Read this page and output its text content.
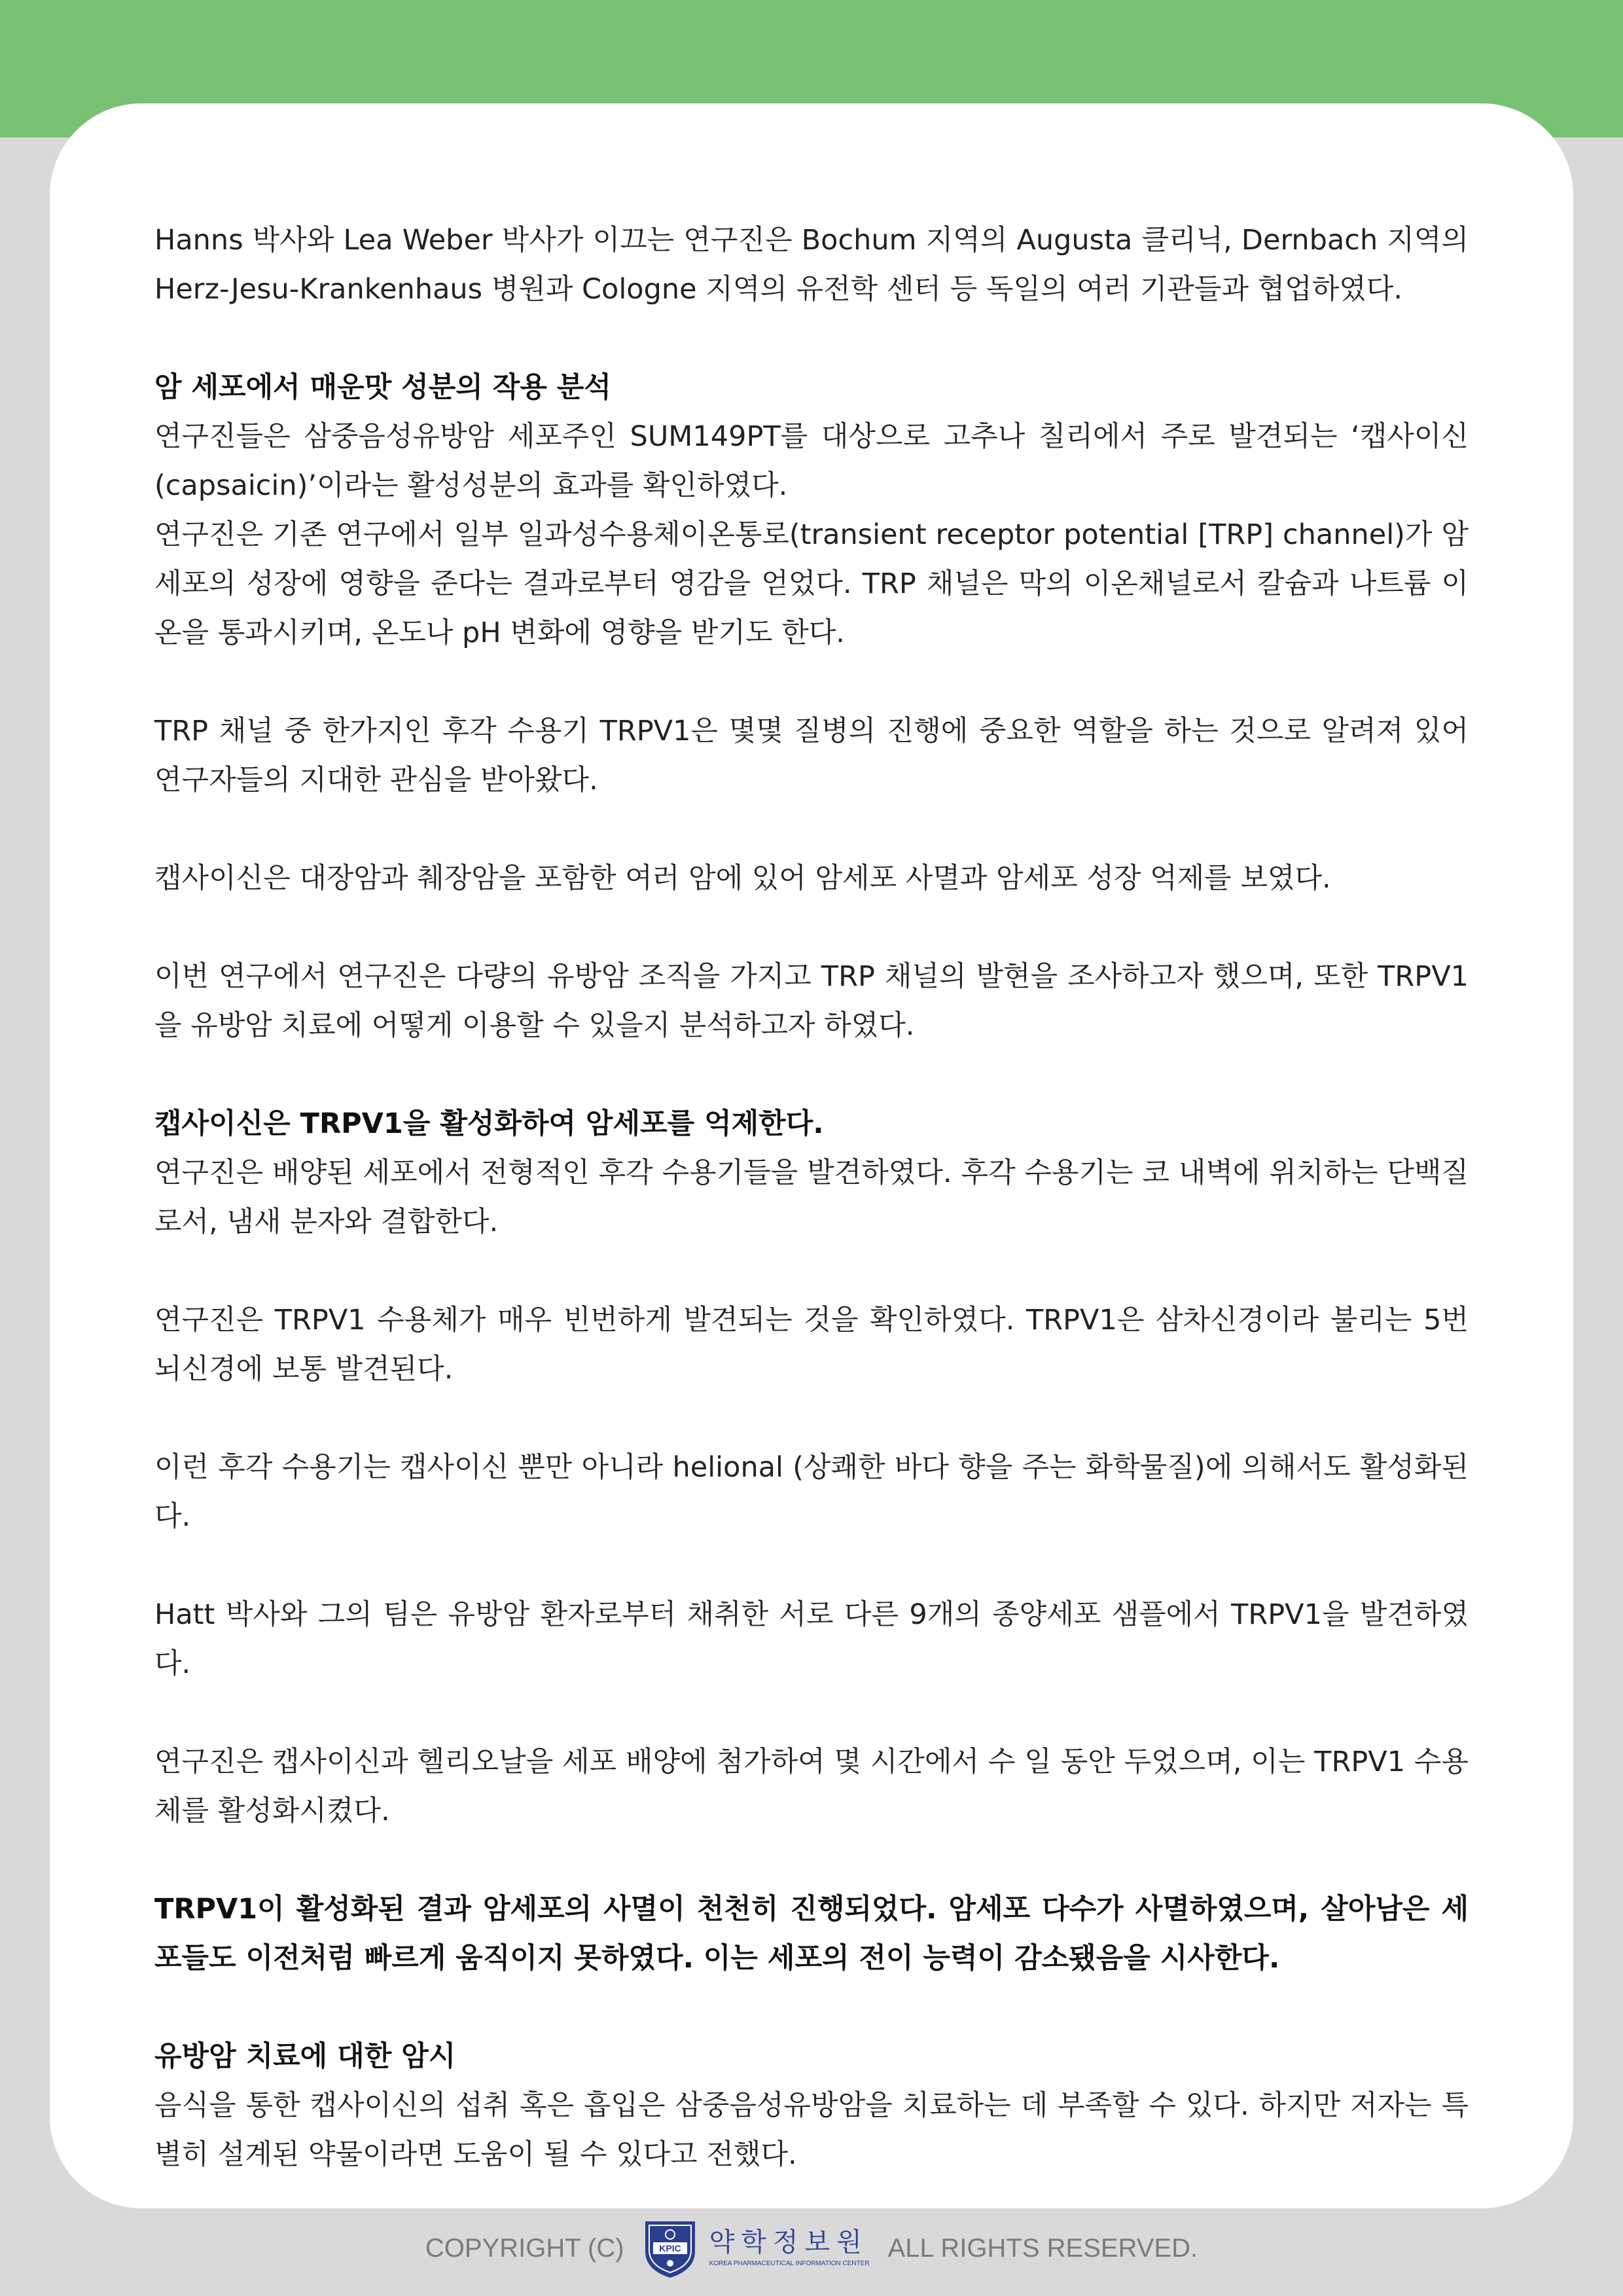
Hanns 박사와 Lea Weber 박사가 이끄는 연구진은 Bochum 지역의 Augusta 클리닉, Dernbach 지역의 Herz-Jesu-Krankenhaus 병원과 Cologne 지역의 유전학 센터 등 독일의 여러 기관들과 협업하였다.

암 세포에서 매운맛 성분의 작용 분석

연구진들은 삼중음성유방암 세포주인 SUM149PT를 대상으로 고추나 칠리에서 주로 발견되는 ‘캡사이신(capsaicin)’이라는 활성성분의 효과를 확인하였다.

연구진은 기존 연구에서 일부 일과성수용체이온통로(transient receptor potential [TRP] channel)가 암세포의 성장에 영향을 준다는 결과로부터 영감을 얻었다. TRP 채널은 막의 이온채널로서 칼슘과 나트륨 이온을 통과시키며, 온도나 pH 변화에 영향을 받기도 한다.

TRP 채널 중 한가지인 후각 수용기 TRPV1은 몇몇 질병의 진행에 중요한 역할을 하는 것으로 알려져 있어 연구자들의 지대한 관심을 받아왔다.

캡사이신은 대장암과 췌장암을 포함한 여러 암에 있어 암세포 사멸과 암세포 성장 억제를 보였다.

이번 연구에서 연구진은 다량의 유방암 조직을 가지고 TRP 채널의 발현을 조사하고자 했으며, 또한 TRPV1을 유방암 치료에 어떻게 이용할 수 있을지 분석하고자 하였다.

캡사이신은 TRPV1을 활성화하여 암세포를 억제한다.

연구진은 배양된 세포에서 전형적인 후각 수용기들을 발견하였다. 후각 수용기는 코 내벽에 위치하는 단백질로서, 냄새 분자와 결합한다.

연구진은 TRPV1 수용체가 매우 빈번하게 발견되는 것을 확인하였다. TRPV1은 삼차신경이라 불리는 5번 뇌신경에 보통 발견된다.

이런 후각 수용기는 캡사이신 뿐만 아니라 helional (상쾌한 바다 향을 주는 화학물질)에 의해서도 활성화된다.

Hatt 박사와 그의 팀은 유방암 환자로부터 채취한 서로 다른 9개의 종양세포 샘플에서 TRPV1을 발견하였다.

연구진은 캡사이신과 헬리오날을 세포 배양에 첨가하여 몇 시간에서 수 일 동안 두었으며, 이는 TRPV1 수용체를 활성화시켰다.

TRPV1이 활성화된 결과 암세포의 사멸이 천천히 진행되었다. 암세포 다수가 사멸하였으며, 살아남은 세포들도 이전처럼 빠르게 움직이지 못하였다. 이는 세포의 전이 능력이 감소됐음을 시사한다.

유방암 치료에 대한 암시

음식을 통한 캡사이신의 섭취 혹은 흡입은 삼중음성유방암을 치료하는 데 부족할 수 있다. 하지만 저자는 특별히 설계된 약물이라면 도움이 될 수 있다고 전했다.

COPYRIGHT (C)	KPIC 약학정보원
KOREA PHARMACEUTICAL INFORMATION CENTER
ALL RIGHTS RESERVED.
